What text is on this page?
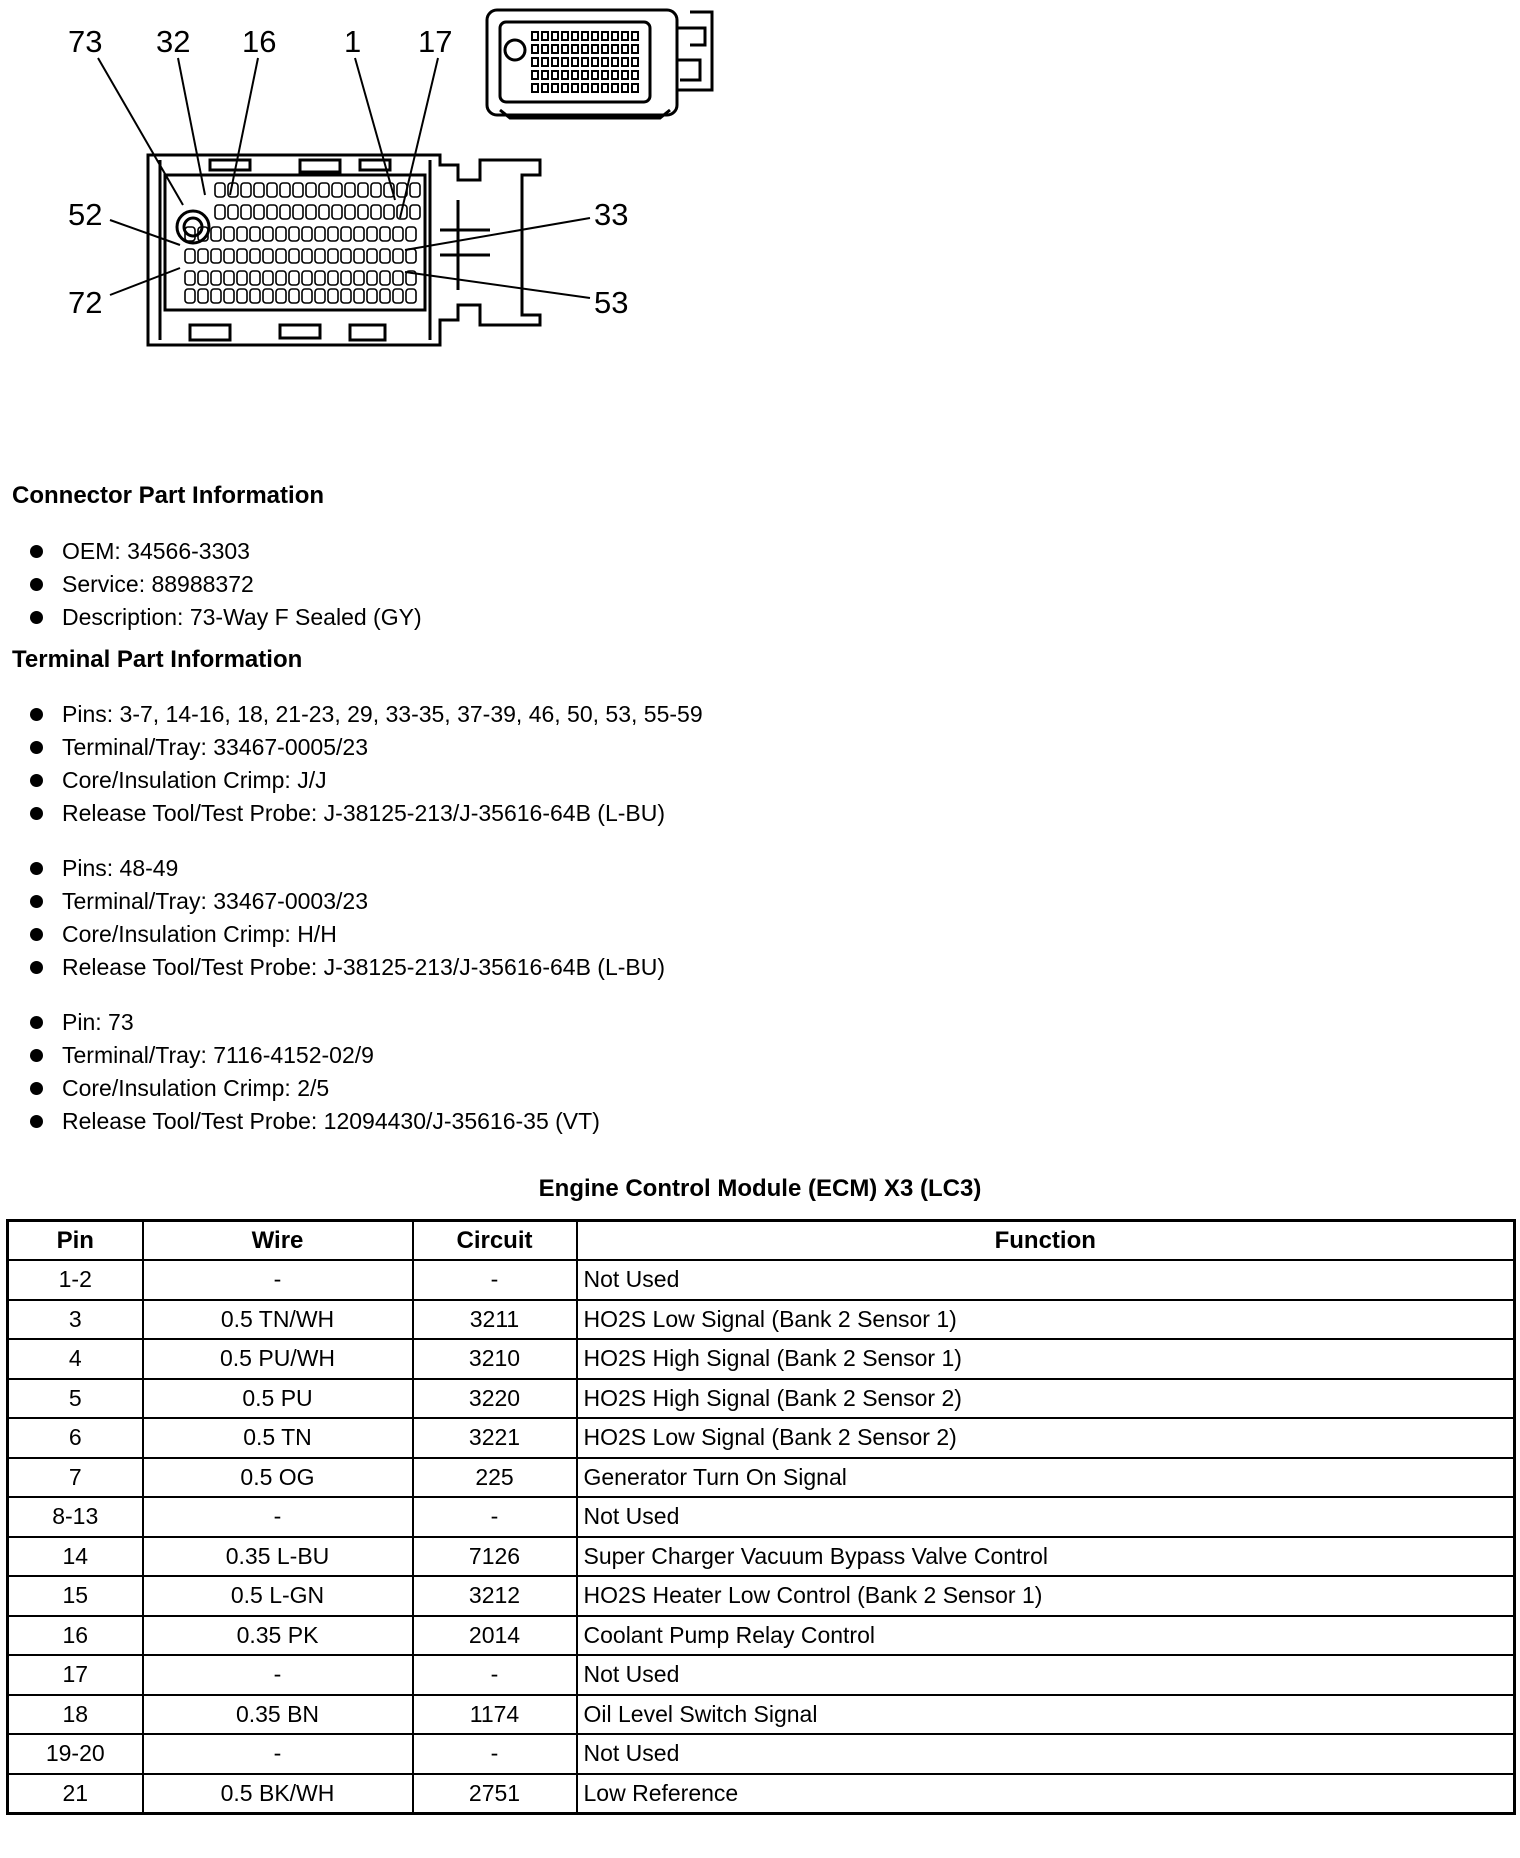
73 32 16 1 17
52	33
72	53
Connector Part Information
OEM: 34566-3303
Service: 88988372
Description: 73-Way F Sealed (GY)
Terminal Part Information
Pins: 3-7, 14-16, 18, 21-23, 29, 33-35, 37-39, 46, 50, 53, 55-59
Terminal/Tray: 33467-0005/23
Core/Insulation Crimp: J/J
Release Tool/Test Probe: J-38125-213/J-35616-64B (L-BU)
Pins: 48-49
Terminal/Tray: 33467-0003/23
Core/Insulation Crimp: H/H
Release Tool/Test Probe: J-38125-213/J-35616-64B (L-BU)
Pin: 73
Terminal/Tray: 7116-4152-02/9
Core/Insulation Crimp: 2/5
Release Tool/Test Probe: 12094430/J-35616-35 (VT)
Engine Control Module (ECM) X3 (LC3)
Pin	Wire	Circuit	Function
1-2	-	-	Not Used
3	0.5 TN/WH	3211	HO2S Low Signal (Bank 2 Sensor 1)
4	0.5 PU/WH	3210	HO2S High Signal (Bank 2 Sensor 1)
5	0.5 PU	3220	HO2S High Signal (Bank 2 Sensor 2)
6	0.5 TN	3221	HO2S Low Signal (Bank 2 Sensor 2)
7	0.5 OG	225	Generator Turn On Signal
8-13	-	-	Not Used
14	0.35 L-BU	7126	Super Charger Vacuum Bypass Valve Control
15	0.5 L-GN	3212	HO2S Heater Low Control (Bank 2 Sensor 1)
16	0.35 PK	2014	Coolant Pump Relay Control
17	-	-	Not Used
18	0.35 BN	1174	Oil Level Switch Signal
19-20	-	-	Not Used
21	0.5 BK/WH	2751	Low Reference
